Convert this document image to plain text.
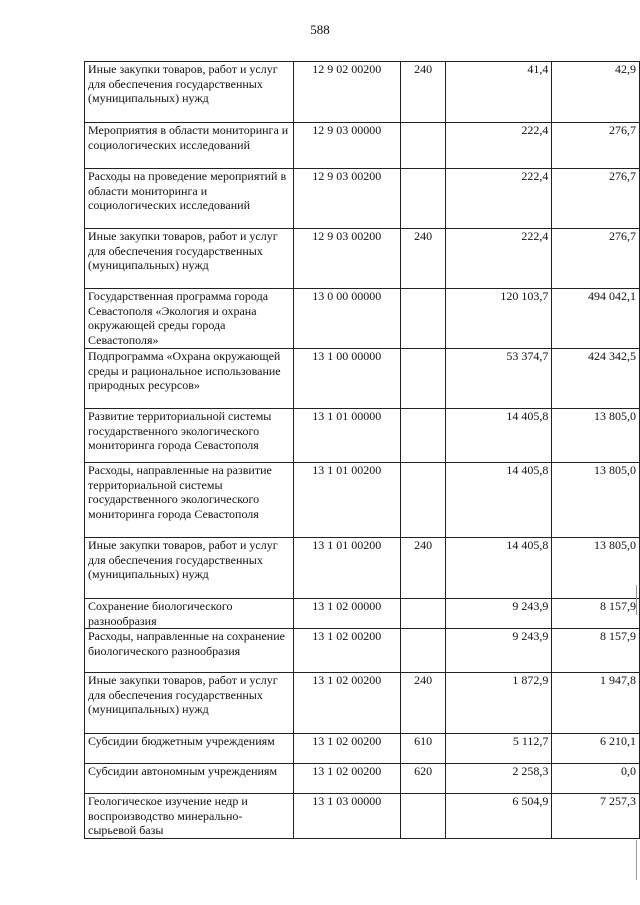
588
Иные закупки товаров, работ и услуг для обеспечения государственных (муниципальных) нужд	12 9 02 00200	240	41,4	42,9
Мероприятия в области мониторинга и социологических исследований	12 9 03 00000		222,4	276,7
Расходы на проведение мероприятий в области мониторинга и социологических исследований	12 9 03 00200		222,4	276,7
Иные закупки товаров, работ и услуг для обеспечения государственных (муниципальных) нужд	12 9 03 00200	240	222,4	276,7
Государственная программа города Севастополя «Экология и охрана окружающей среды города Севастополя»	13 0 00 00000		120 103,7	494 042,1
Подпрограмма «Охрана окружающей среды и рациональное использование природных ресурсов»	13 1 00 00000		53 374,7	424 342,5
Развитие территориальной системы государственного экологического мониторинга города Севастополя	13 1 01 00000		14 405,8	13 805,0
Расходы, направленные на развитие территориальной системы государственного экологического мониторинга города Севастополя	13 1 01 00200		14 405,8	13 805,0
Иные закупки товаров, работ и услуг для обеспечения государственных (муниципальных) нужд	13 1 01 00200	240	14 405,8	13 805,0
Сохранение биологического разнообразия	13 1 02 00000		9 243,9	8 157,9
Расходы, направленные на сохранение биологического разнообразия	13 1 02 00200		9 243,9	8 157,9
Иные закупки товаров, работ и услуг для обеспечения государственных (муниципальных) нужд	13 1 02 00200	240	1 872,9	1 947,8
Субсидии бюджетным учреждениям	13 1 02 00200	610	5 112,7	6 210,1
Субсидии автономным учреждениям	13 1 02 00200	620	2 258,3	0,0
Геологическое изучение недр и воспроизводство минерально-сырьевой базы	13 1 03 00000		6 504,9	7 257,3
